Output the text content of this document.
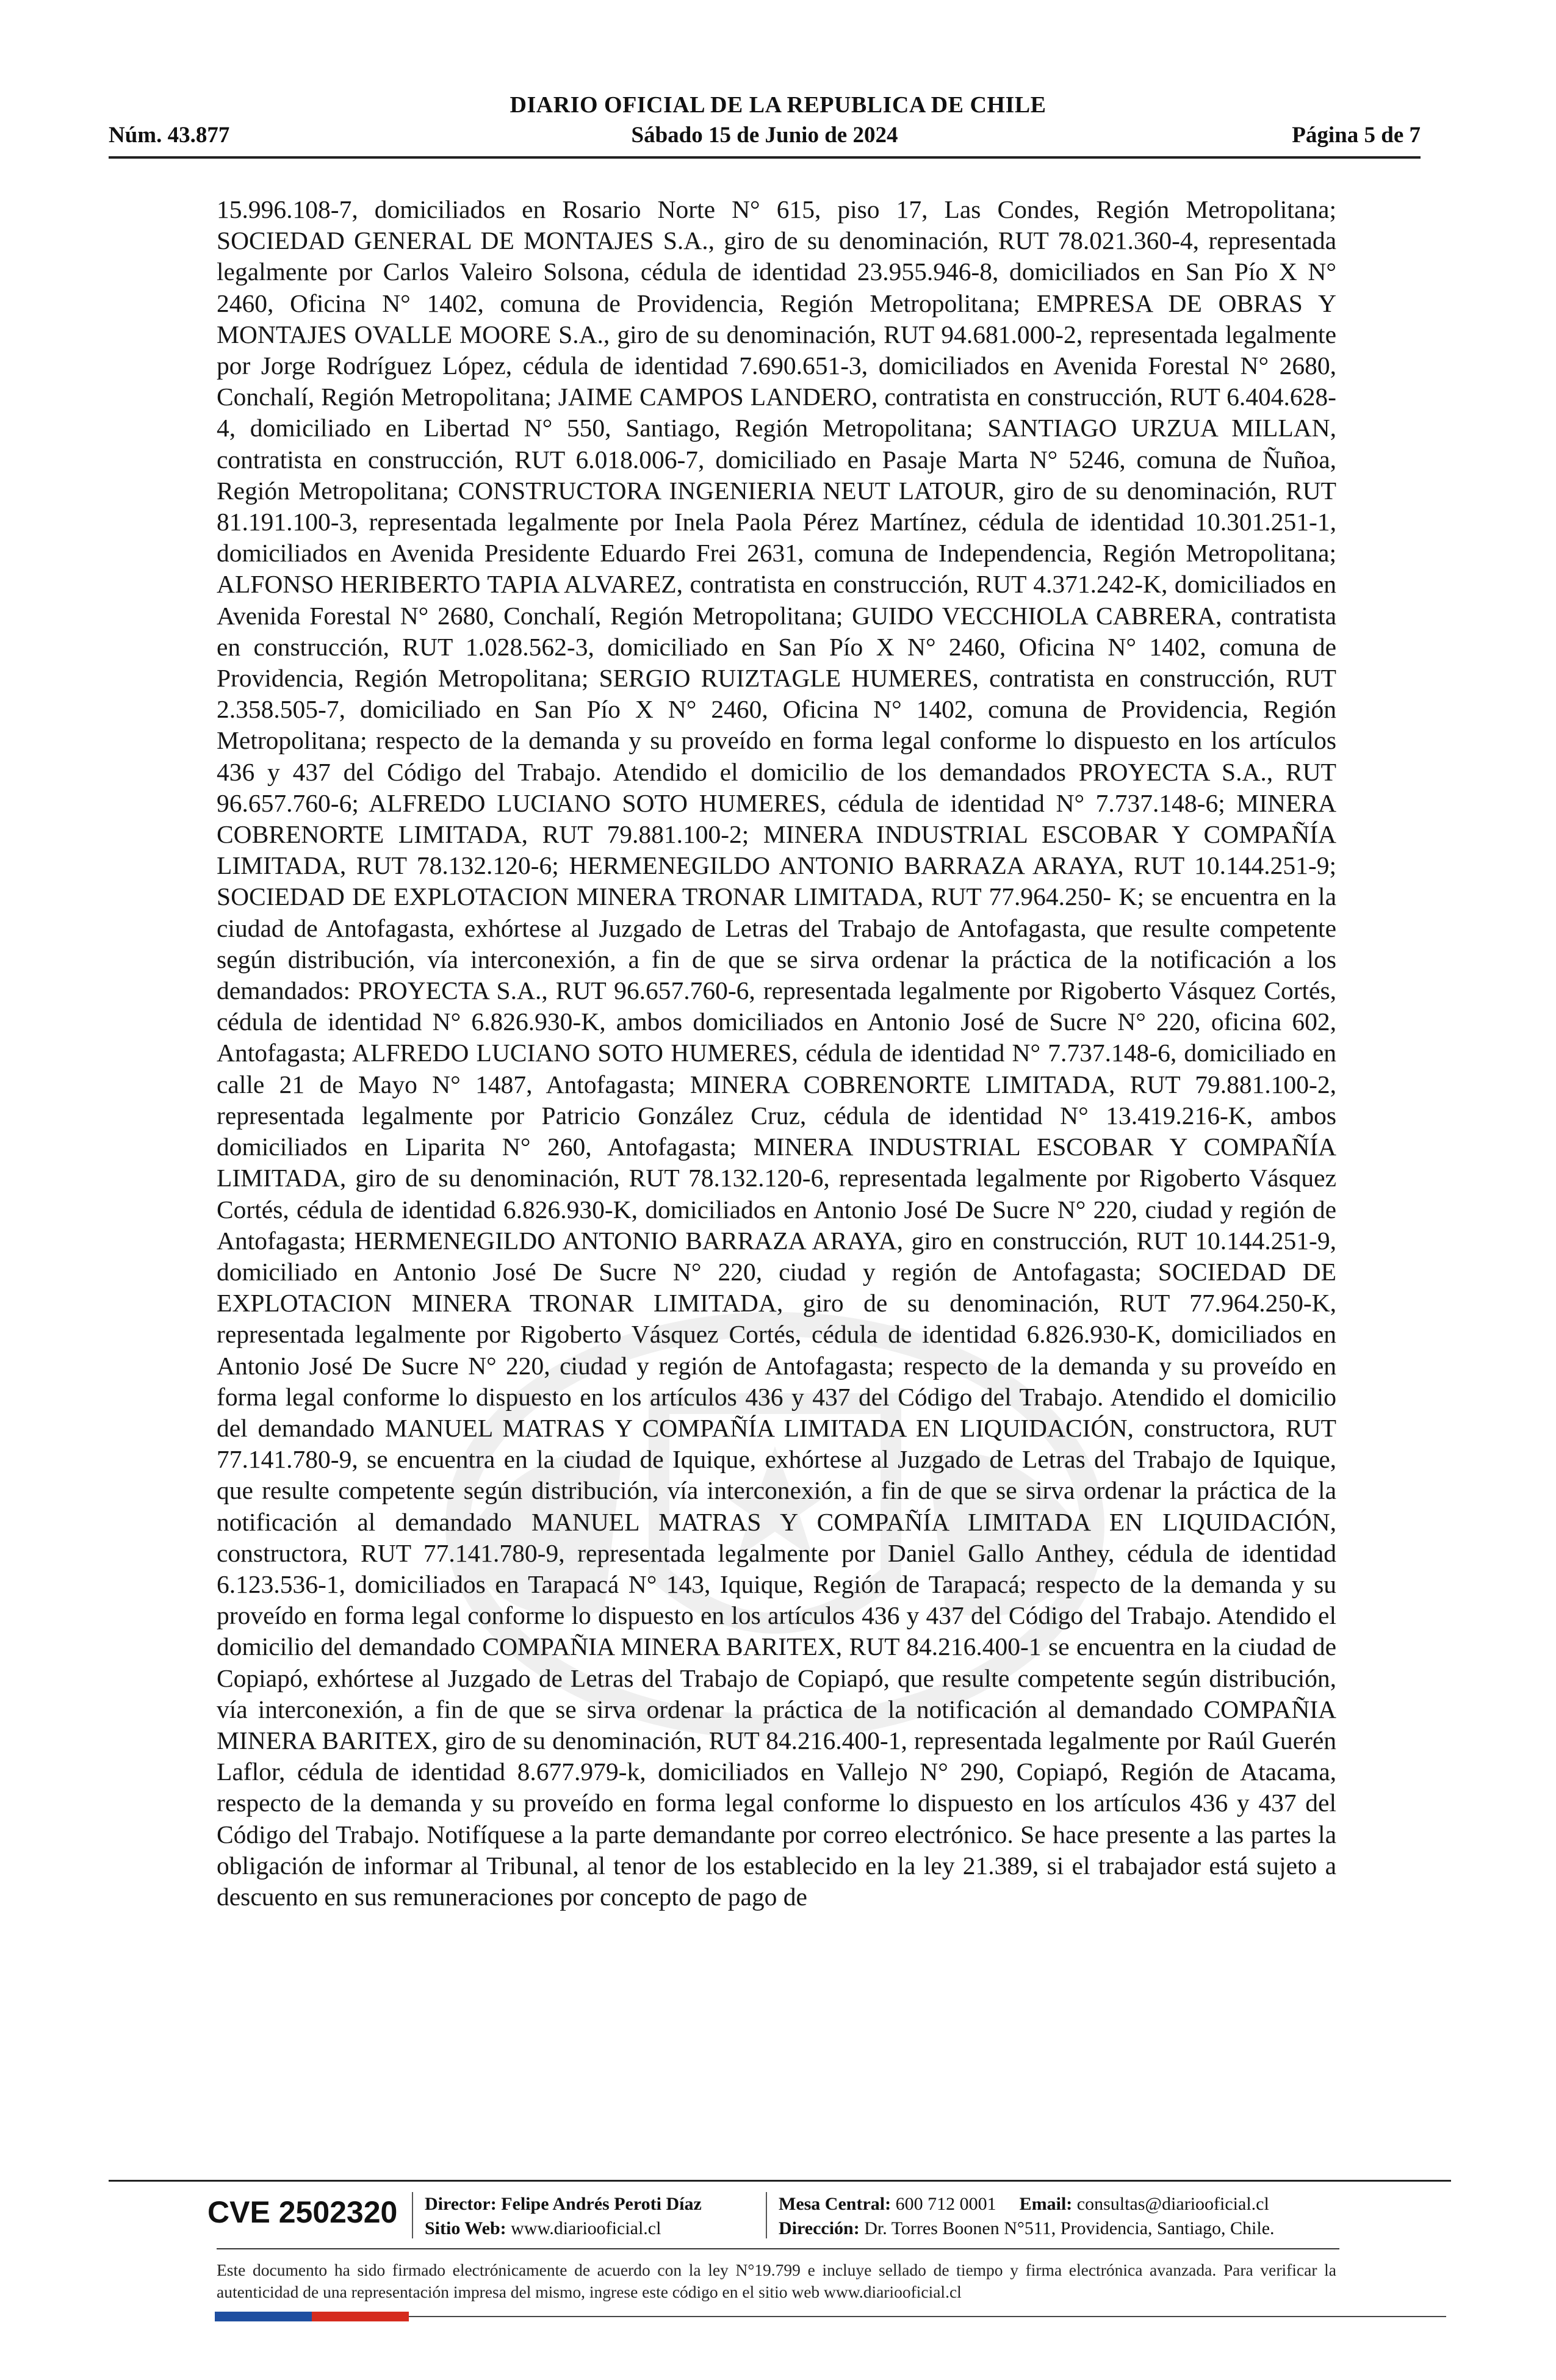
DIARIO OFICIAL DE LA REPUBLICA DE CHILE
Núm. 43.877	Sábado 15 de Junio de 2024	Página 5 de 7

15.996.108-7, domiciliados en Rosario Norte N° 615, piso 17, Las Condes, Región Metropolitana; SOCIEDAD GENERAL DE MONTAJES S.A., giro de su denominación, RUT 78.021.360-4, representada legalmente por Carlos Valeiro Solsona, cédula de identidad 23.955.946-8, domiciliados en San Pío X N° 2460, Oficina N° 1402, comuna de Providencia, Región Metropolitana; EMPRESA DE OBRAS Y MONTAJES OVALLE MOORE S.A., giro de su denominación, RUT 94.681.000-2, representada legalmente por Jorge Rodríguez López, cédula de identidad 7.690.651-3, domiciliados en Avenida Forestal N° 2680, Conchalí, Región Metropolitana; JAIME CAMPOS LANDERO, contratista en construcción, RUT 6.404.628-4, domiciliado en Libertad N° 550, Santiago, Región Metropolitana; SANTIAGO URZUA MILLAN, contratista en construcción, RUT 6.018.006-7, domiciliado en Pasaje Marta N° 5246, comuna de Ñuñoa, Región Metropolitana; CONSTRUCTORA INGENIERIA NEUT LATOUR, giro de su denominación, RUT 81.191.100-3, representada legalmente por Inela Paola Pérez Martínez, cédula de identidad 10.301.251-1, domiciliados en Avenida Presidente Eduardo Frei 2631, comuna de Independencia, Región Metropolitana; ALFONSO HERIBERTO TAPIA ALVAREZ, contratista en construcción, RUT 4.371.242-K, domiciliados en Avenida Forestal N° 2680, Conchalí, Región Metropolitana; GUIDO VECCHIOLA CABRERA, contratista en construcción, RUT 1.028.562-3, domiciliado en San Pío X N° 2460, Oficina N° 1402, comuna de Providencia, Región Metropolitana; SERGIO RUIZTAGLE HUMERES, contratista en construcción, RUT 2.358.505-7, domiciliado en San Pío X N° 2460, Oficina N° 1402, comuna de Providencia, Región Metropolitana; respecto de la demanda y su proveído en forma legal conforme lo dispuesto en los artículos 436 y 437 del Código del Trabajo. Atendido el domicilio de los demandados PROYECTA S.A., RUT 96.657.760-6; ALFREDO LUCIANO SOTO HUMERES, cédula de identidad N° 7.737.148-6; MINERA COBRENORTE LIMITADA, RUT 79.881.100-2; MINERA INDUSTRIAL ESCOBAR Y COMPAÑÍA LIMITADA, RUT 78.132.120-6; HERMENEGILDO ANTONIO BARRAZA ARAYA, RUT 10.144.251-9; SOCIEDAD DE EXPLOTACION MINERA TRONAR LIMITADA, RUT 77.964.250- K; se encuentra en la ciudad de Antofagasta, exhórtese al Juzgado de Letras del Trabajo de Antofagasta, que resulte competente según distribución, vía interconexión, a fin de que se sirva ordenar la práctica de la notificación a los demandados: PROYECTA S.A., RUT 96.657.760-6, representada legalmente por Rigoberto Vásquez Cortés, cédula de identidad N° 6.826.930-K, ambos domiciliados en Antonio José de Sucre N° 220, oficina 602, Antofagasta; ALFREDO LUCIANO SOTO HUMERES, cédula de identidad N° 7.737.148-6, domiciliado en calle 21 de Mayo N° 1487, Antofagasta; MINERA COBRENORTE LIMITADA, RUT 79.881.100-2, representada legalmente por Patricio González Cruz, cédula de identidad N° 13.419.216-K, ambos domiciliados en Liparita N° 260, Antofagasta; MINERA INDUSTRIAL ESCOBAR Y COMPAÑÍA LIMITADA, giro de su denominación, RUT 78.132.120-6, representada legalmente por Rigoberto Vásquez Cortés, cédula de identidad 6.826.930-K, domiciliados en Antonio José De Sucre N° 220, ciudad y región de Antofagasta; HERMENEGILDO ANTONIO BARRAZA ARAYA, giro en construcción, RUT 10.144.251-9, domiciliado en Antonio José De Sucre N° 220, ciudad y región de Antofagasta; SOCIEDAD DE EXPLOTACION MINERA TRONAR LIMITADA, giro de su denominación, RUT 77.964.250-K, representada legalmente por Rigoberto Vásquez Cortés, cédula de identidad 6.826.930-K, domiciliados en Antonio José De Sucre N° 220, ciudad y región de Antofagasta; respecto de la demanda y su proveído en forma legal conforme lo dispuesto en los artículos 436 y 437 del Código del Trabajo. Atendido el domicilio del demandado MANUEL MATRAS Y COMPAÑÍA LIMITADA EN LIQUIDACIÓN, constructora, RUT 77.141.780-9, se encuentra en la ciudad de Iquique, exhórtese al Juzgado de Letras del Trabajo de Iquique, que resulte competente según distribución, vía interconexión, a fin de que se sirva ordenar la práctica de la notificación al demandado MANUEL MATRAS Y COMPAÑÍA LIMITADA EN LIQUIDACIÓN, constructora, RUT 77.141.780-9, representada legalmente por Daniel Gallo Anthey, cédula de identidad 6.123.536-1, domiciliados en Tarapacá N° 143, Iquique, Región de Tarapacá; respecto de la demanda y su proveído en forma legal conforme lo dispuesto en los artículos 436 y 437 del Código del Trabajo. Atendido el domicilio del demandado COMPAÑIA MINERA BARITEX, RUT 84.216.400-1 se encuentra en la ciudad de Copiapó, exhórtese al Juzgado de Letras del Trabajo de Copiapó, que resulte competente según distribución, vía interconexión, a fin de que se sirva ordenar la práctica de la notificación al demandado COMPAÑIA MINERA BARITEX, giro de su denominación, RUT 84.216.400-1, representada legalmente por Raúl Guerén Laflor, cédula de identidad 8.677.979-k, domiciliados en Vallejo N° 290, Copiapó, Región de Atacama, respecto de la demanda y su proveído en forma legal conforme lo dispuesto en los artículos 436 y 437 del Código del Trabajo. Notifíquese a la parte demandante por correo electrónico. Se hace presente a las partes la obligación de informar al Tribunal, al tenor de los establecido en la ley 21.389, si el trabajador está sujeto a descuento en sus remuneraciones por concepto de pago de

CVE 2502320 Director: Felipe Andrés Peroti Díaz
Sitio Web: www.diariooficial.cl
Mesa Central: 600 712 0001 Email: consultas@diariooficial.cl
Dirección: Dr. Torres Boonen N°511, Providencia, Santiago, Chile.
Este documento ha sido firmado electrónicamente de acuerdo con la ley N°19.799 e incluye sellado de tiempo y firma electrónica avanzada. Para verificar la autenticidad de una representación impresa del mismo, ingrese este código en el sitio web www.diariooficial.cl
